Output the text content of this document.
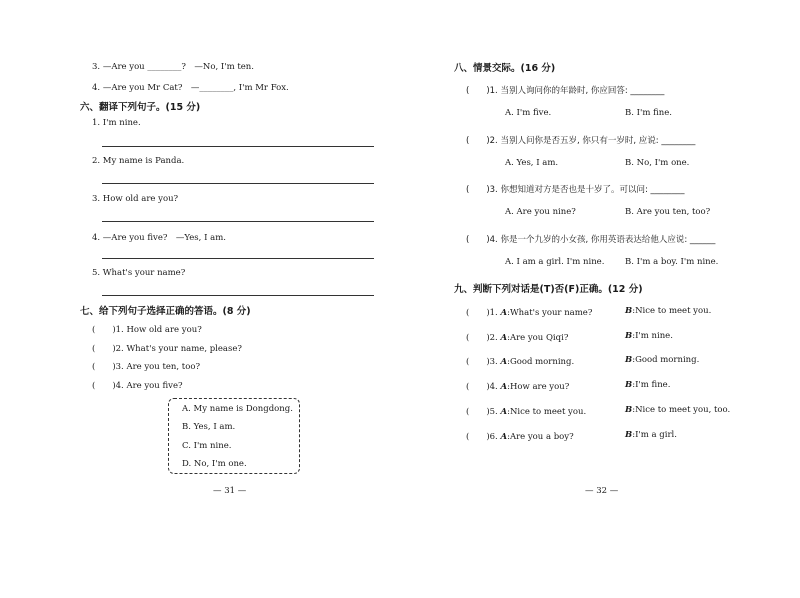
3. —Are you ________?　—No, I'm ten.
4. —Are you Mr Cat?　—________, I'm Mr Fox.
六、翻译下列句子。(15 分)
1. I'm nine.
2. My name is Panda.
3. How old are you?
4. —Are you five?　—Yes, I am.
5. What's your name?
七、给下列句子选择正确的答语。(8 分)
(　　)1. How old are you?
(　　)2. What's your name, please?
(　　)3. Are you ten, too?
(　　)4. Are you five?
A. My name is Dongdong.
B. Yes, I am.
C. I'm nine.
D. No, I'm one.
— 31 —
八、情景交际。(16 分)
(　　)1. 当别人询问你的年龄时, 你应回答: ________
A. I'm five.	B. I'm fine.
(　　)2. 当别人问你是否五岁, 你只有一岁时, 应说: ________
A. Yes, I am.	B. No, I'm one.
(　　)3. 你想知道对方是否也是十岁了。可以问: ________
A. Are you nine?	B. Are you ten, too?
(　　)4. 你是一个九岁的小女孩, 你用英语表达给他人应说: ______
A. I am a girl. I'm nine. B. I'm a boy. I'm nine.
九、判断下列对话是(T)否(F)正确。(12 分)
(　　)1. A:What's your name?	B:Nice to meet you.
(　　)2. A:Are you Qiqi?	B:I'm nine.
(　　)3. A:Good morning.	B:Good morning.
(　　)4. A:How are you?	B:I'm fine.
(　　)5. A:Nice to meet you.	B:Nice to meet you, too.
(　　)6. A:Are you a boy?	B:I'm a girl.
— 32 —
